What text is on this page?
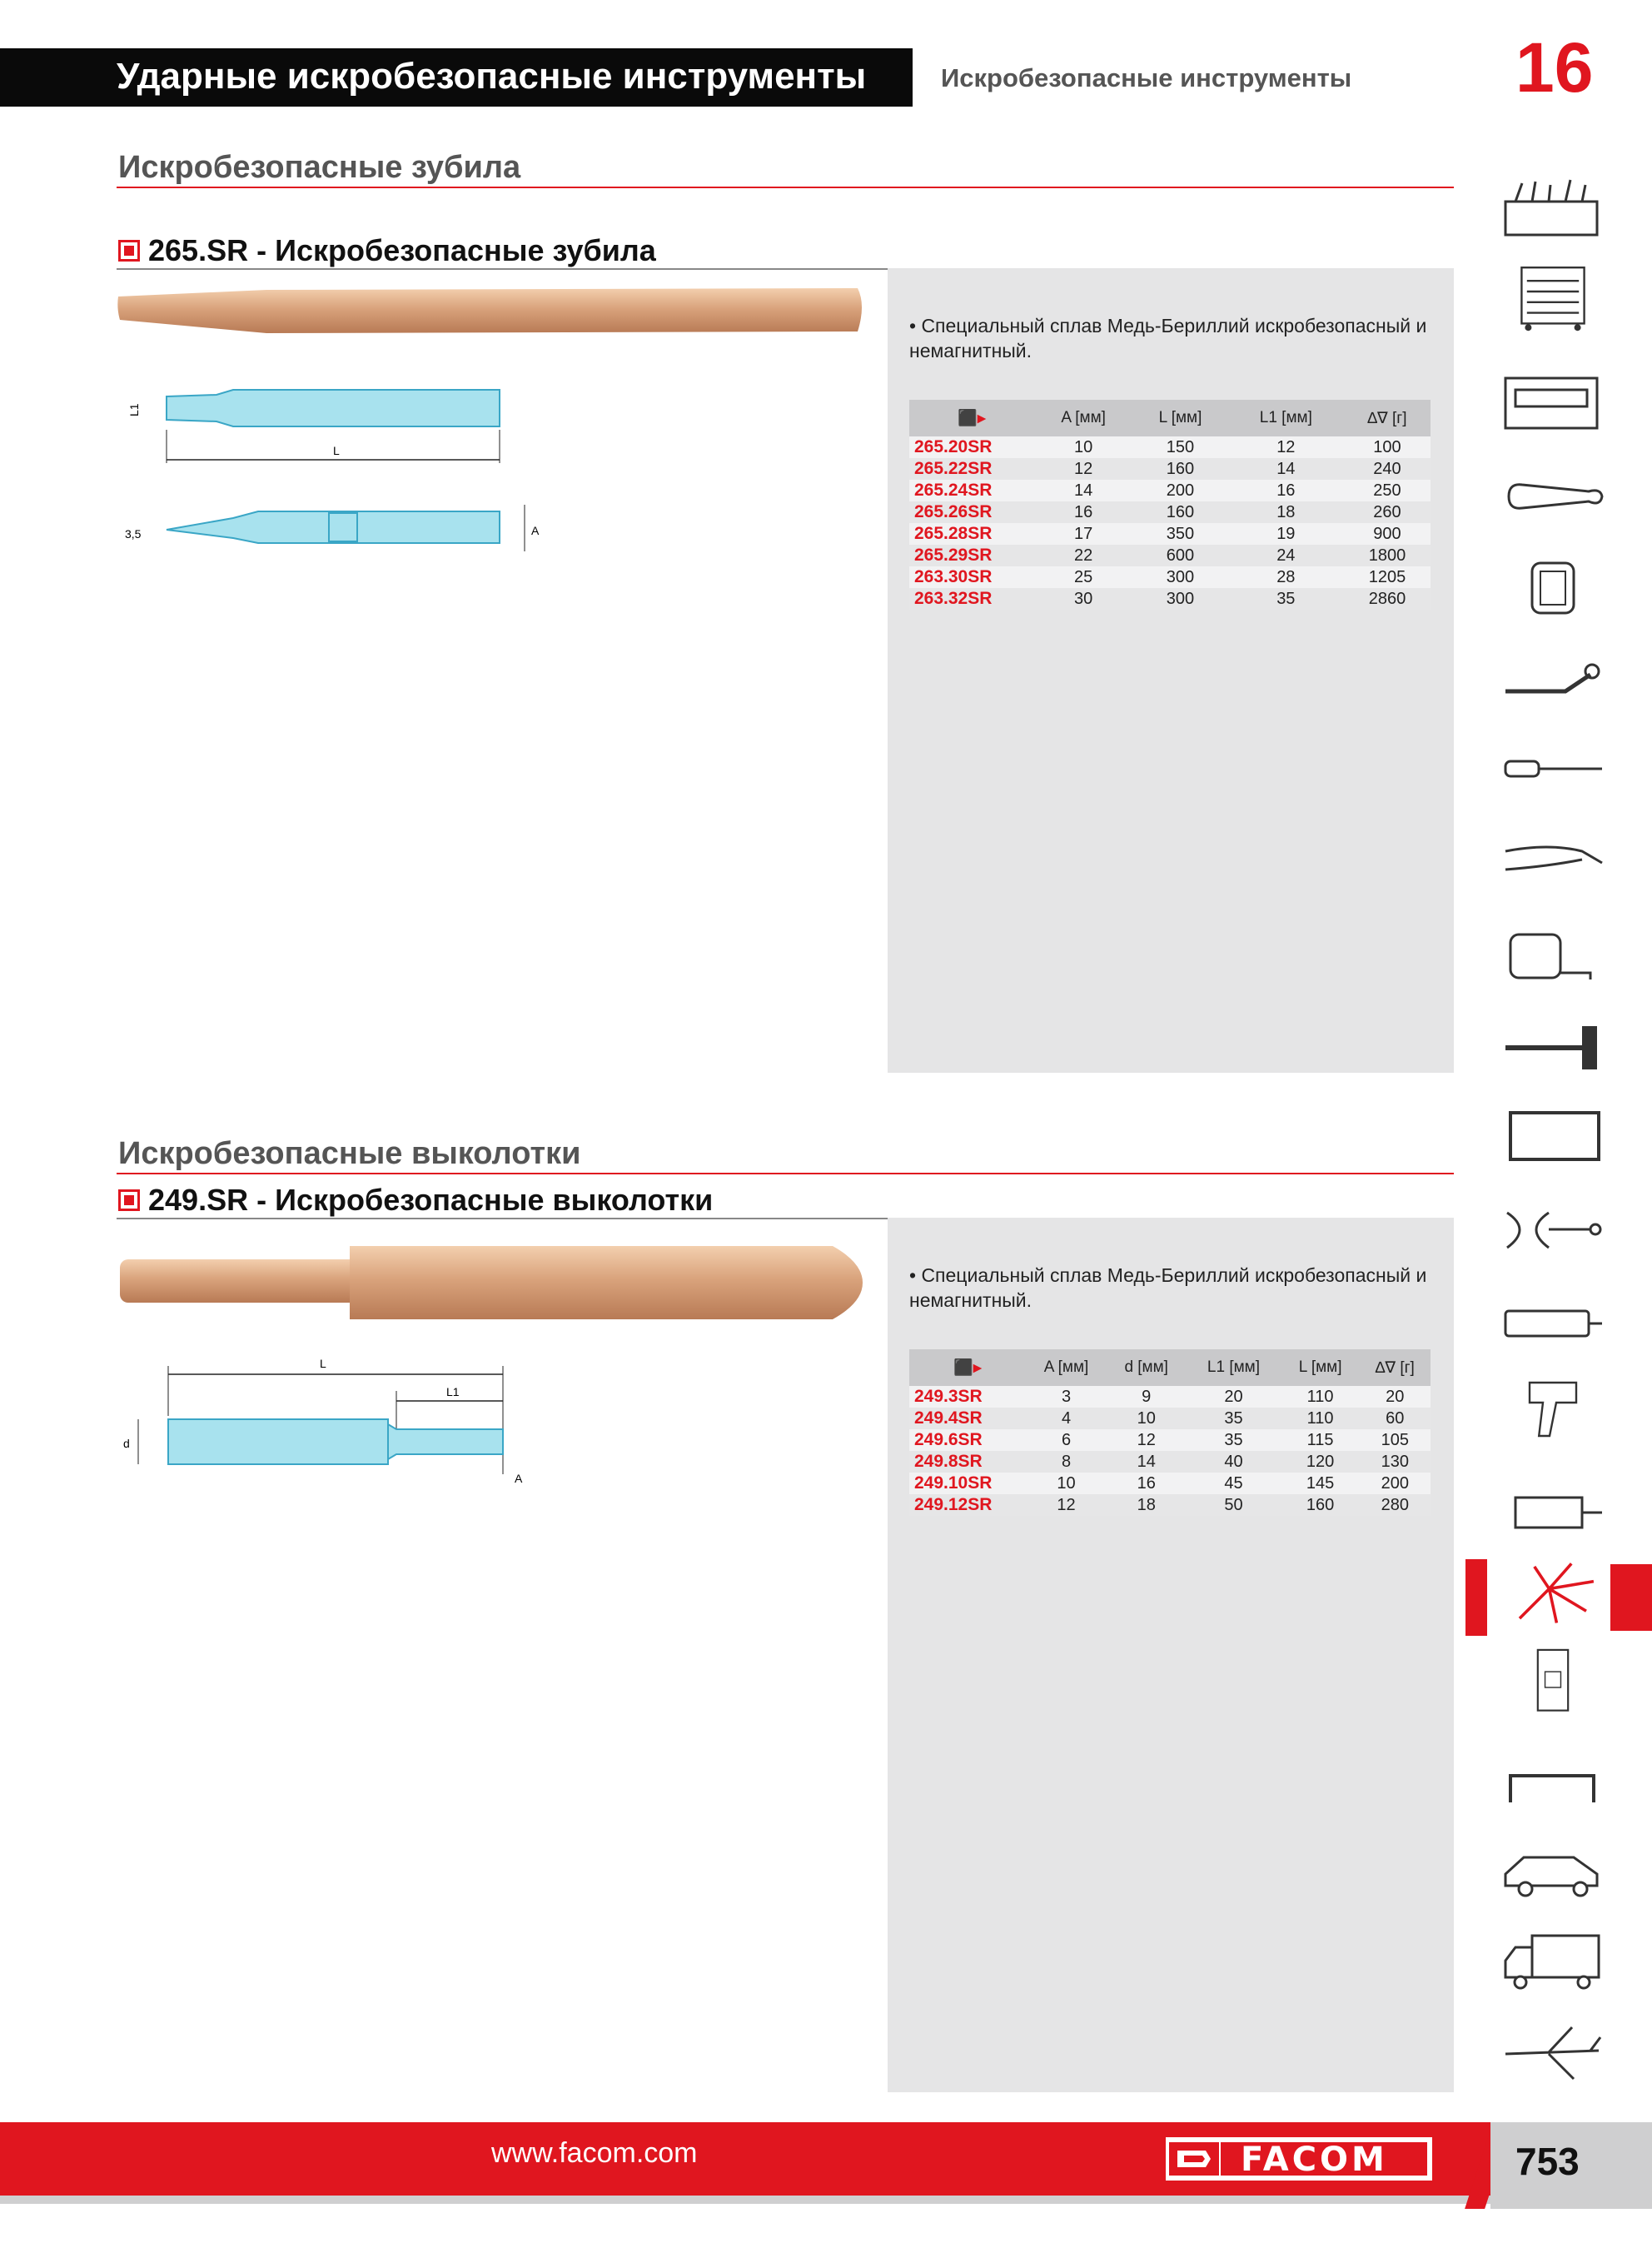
Ударные искробезопасные инструменты	Искробезопасные инструменты 16
Искробезопасные зубила
265.SR - Искробезопасные зубила
• Специальный сплав Медь-Бериллий искробезопасный и немагнитный.
L
L1
A
3,5
⬛▸	A [мм]	L [мм]	L1 [мм]	∆∇ [г]
265.20SR	10	150	12	100
265.22SR	12	160	14	240
265.24SR	14	200	16	250
265.26SR	16	160	18	260
265.28SR	17	350	19	900
265.29SR	22	600	24	1800
263.30SR	25	300	28	1205
263.32SR	30	300	35	2860
Искробезопасные выколотки
249.SR - Искробезопасные выколотки
• Специальный сплав Медь-Бериллий искробезопасный и немагнитный.
L
L1
d
A
⬛▸	A [мм]	d [мм]	L1 [мм]	L [мм]	∆∇ [г]
249.3SR	3	9	20	110	20
249.4SR	4	10	35	110	60
249.6SR	6	12	35	115	105
249.8SR	8	14	40	120	130
249.10SR	10	16	45	145	200
249.12SR	12	18	50	160	280
www.facom.com	FACOM	753
